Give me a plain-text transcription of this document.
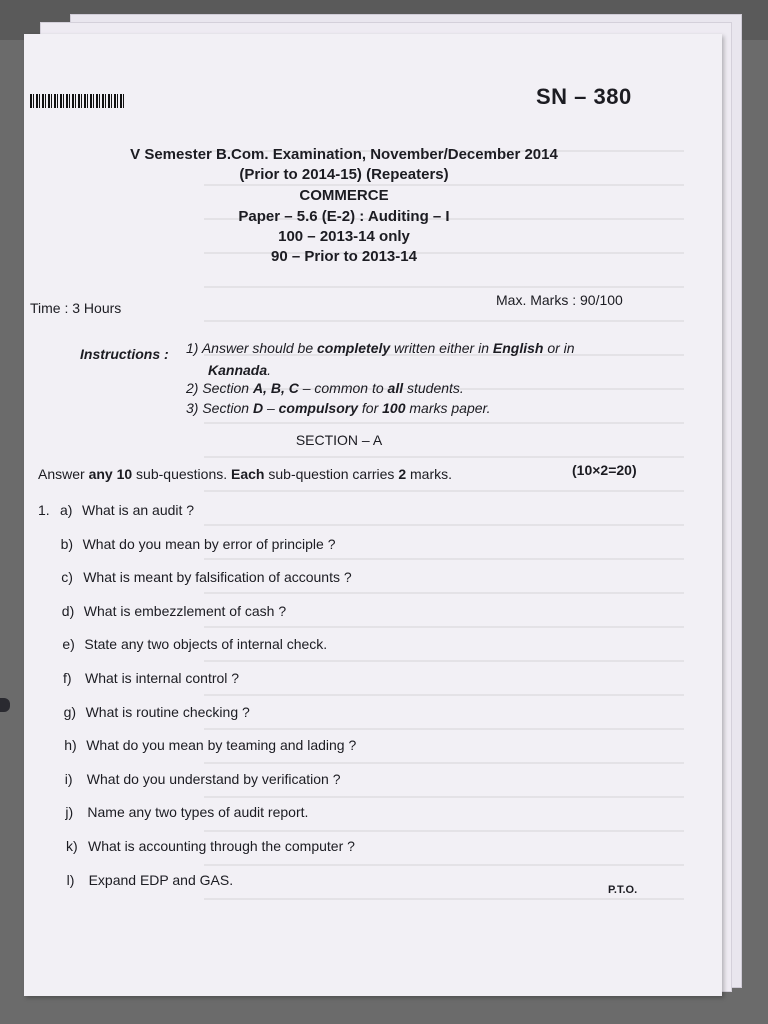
SN – 380
V Semester B.Com. Examination, November/December 2014
(Prior to 2014-15) (Repeaters)
COMMERCE
Paper – 5.6 (E-2) : Auditing – I
100 – 2013-14 only
90 – Prior to 2013-14
Time : 3 Hours	Max. Marks : 90/100
Instructions : 1) Answer should be completely written either in English or in
Kannada.
2) Section A, B, C – common to all students.
3) Section D – compulsory for 100 marks paper.
SECTION – A
Answer any 10 sub-questions. Each sub-question carries 2 marks.	(10×2=20)
1. a) What is an audit ?
b) What do you mean by error of principle ?
c) What is meant by falsification of accounts ?
d) What is embezzlement of cash ?
e) State any two objects of internal check.
f) What is internal control ?
g) What is routine checking ?
h) What do you mean by teaming and lading ?
i) What do you understand by verification ?
j) Name any two types of audit report.
k) What is accounting through the computer ?
l) Expand EDP and GAS.
P.T.O.
